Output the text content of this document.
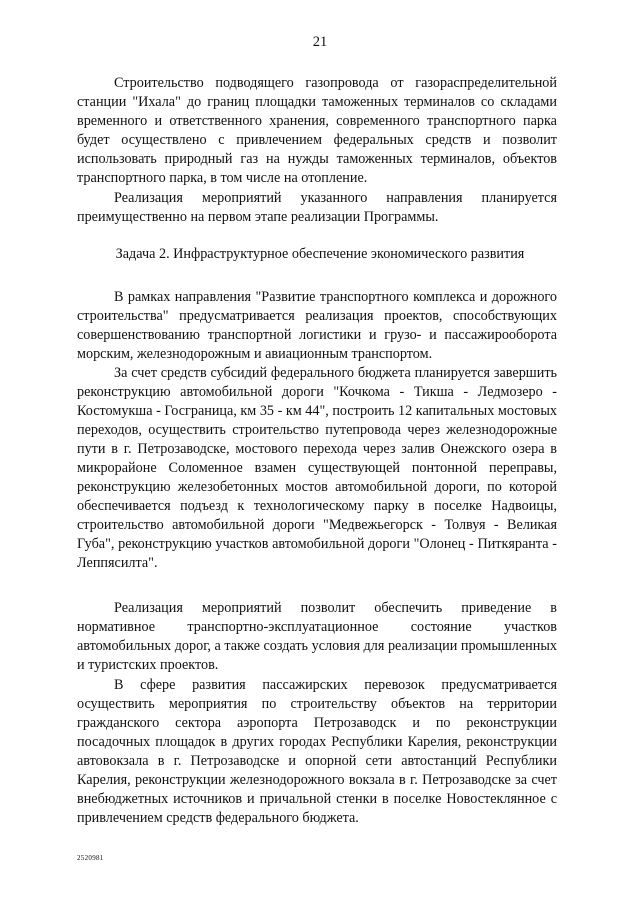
21

Строительство подводящего газопровода от газораспределительной станции "Ихала" до границ площадки таможенных терминалов со складами временного и ответственного хранения, современного транспортного парка будет осуществлено с привлечением федеральных средств и позволит использовать природный газ на нужды таможенных терминалов, объектов транспортного парка, в том числе на отопление.

Реализация мероприятий указанного направления планируется преимущественно на первом этапе реализации Программы.

Задача 2. Инфраструктурное обеспечение экономического развития

В рамках направления "Развитие транспортного комплекса и дорожного строительства" предусматривается реализация проектов, способствующих совершенствованию транспортной логистики и грузо- и пассажирооборота морским, железнодорожным и авиационным транспортом.

За счет средств субсидий федерального бюджета планируется завершить реконструкцию автомобильной дороги "Кочкома - Тикша - Ледмозеро - Костомукша - Госграница, км 35 - км 44", построить 12 капитальных мостовых переходов, осуществить строительство путепровода через железнодорожные пути в г. Петрозаводске, мостового перехода через залив Онежского озера в микрорайоне Соломенное взамен существующей понтонной переправы, реконструкцию железобетонных мостов автомобильной дороги, по которой обеспечивается подъезд к технологическому парку в поселке Надвоицы, строительство автомобильной дороги "Медвежьегорск - Толвуя - Великая Губа", реконструкцию участков автомобильной дороги "Олонец - Питкяранта - Леппясилта".

Реализация мероприятий позволит обеспечить приведение в нормативное транспортно-эксплуатационное состояние участков автомобильных дорог, а также создать условия для реализации промышленных и туристских проектов.

В сфере развития пассажирских перевозок предусматривается осуществить мероприятия по строительству объектов на территории гражданского сектора аэропорта Петрозаводск и по реконструкции посадочных площадок в других городах Республики Карелия, реконструкции автовокзала в г. Петрозаводске и опорной сети автостанций Республики Карелия, реконструкции железнодорожного вокзала в г. Петрозаводске за счет внебюджетных источников и причальной стенки в поселке Новостеклянное с привлечением средств федерального бюджета.

2520981
